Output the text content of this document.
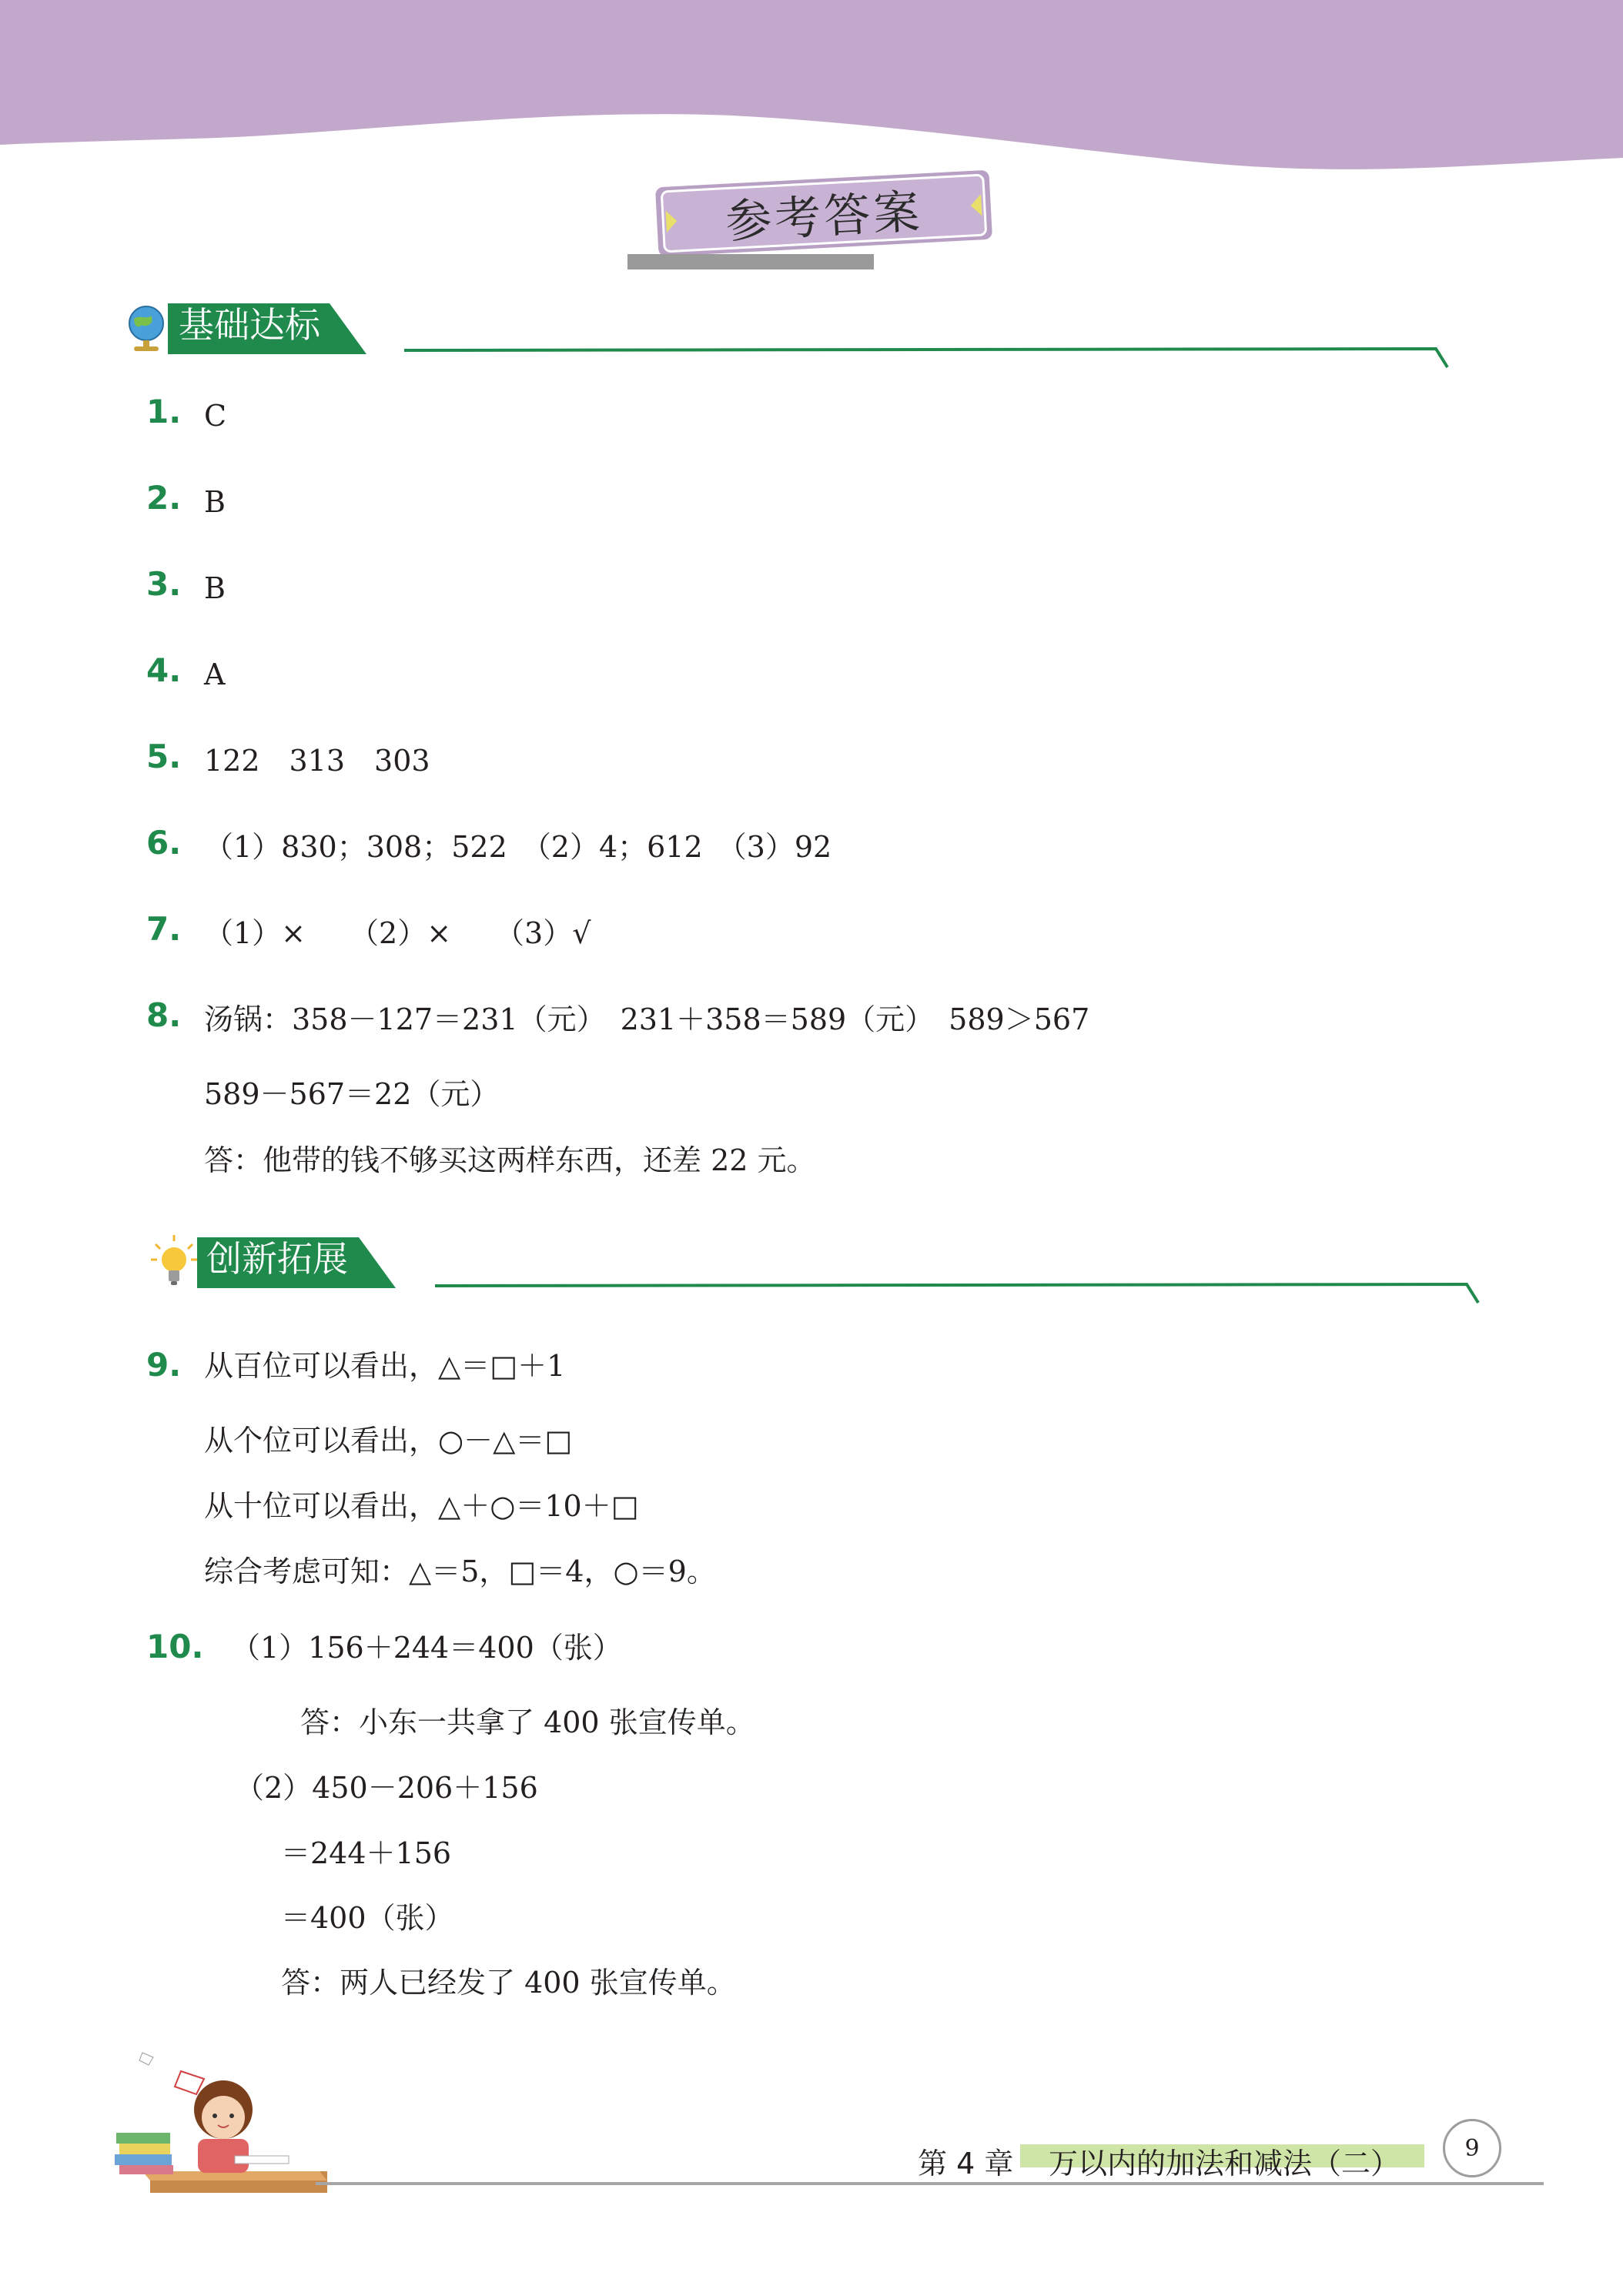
参考答案
基础达标
1. C
2. B
3. B
4. A
5. 122　313　303
6. （1）830；308；522　（2）4；612　（3）92
7. （1）×　　（2）×　　（3）√
8. 汤锅：358－127＝231（元）　231＋358＝589（元）　589＞567
589－567＝22（元）
答：他带的钱不够买这两样东西，还差 22 元。
创新拓展
9. 从百位可以看出，△＝□＋1
从个位可以看出，○－△＝□
从十位可以看出，△＋○＝10＋□
综合考虑可知：△＝5，□＝4，○＝9。
10. （1）156＋244＝400（张）
答：小东一共拿了 400 张宣传单。
（2）450－206＋156
＝244＋156
＝400（张）
答：两人已经发了 400 张宣传单。
第 4 章 万以内的加法和减法（二）	9
